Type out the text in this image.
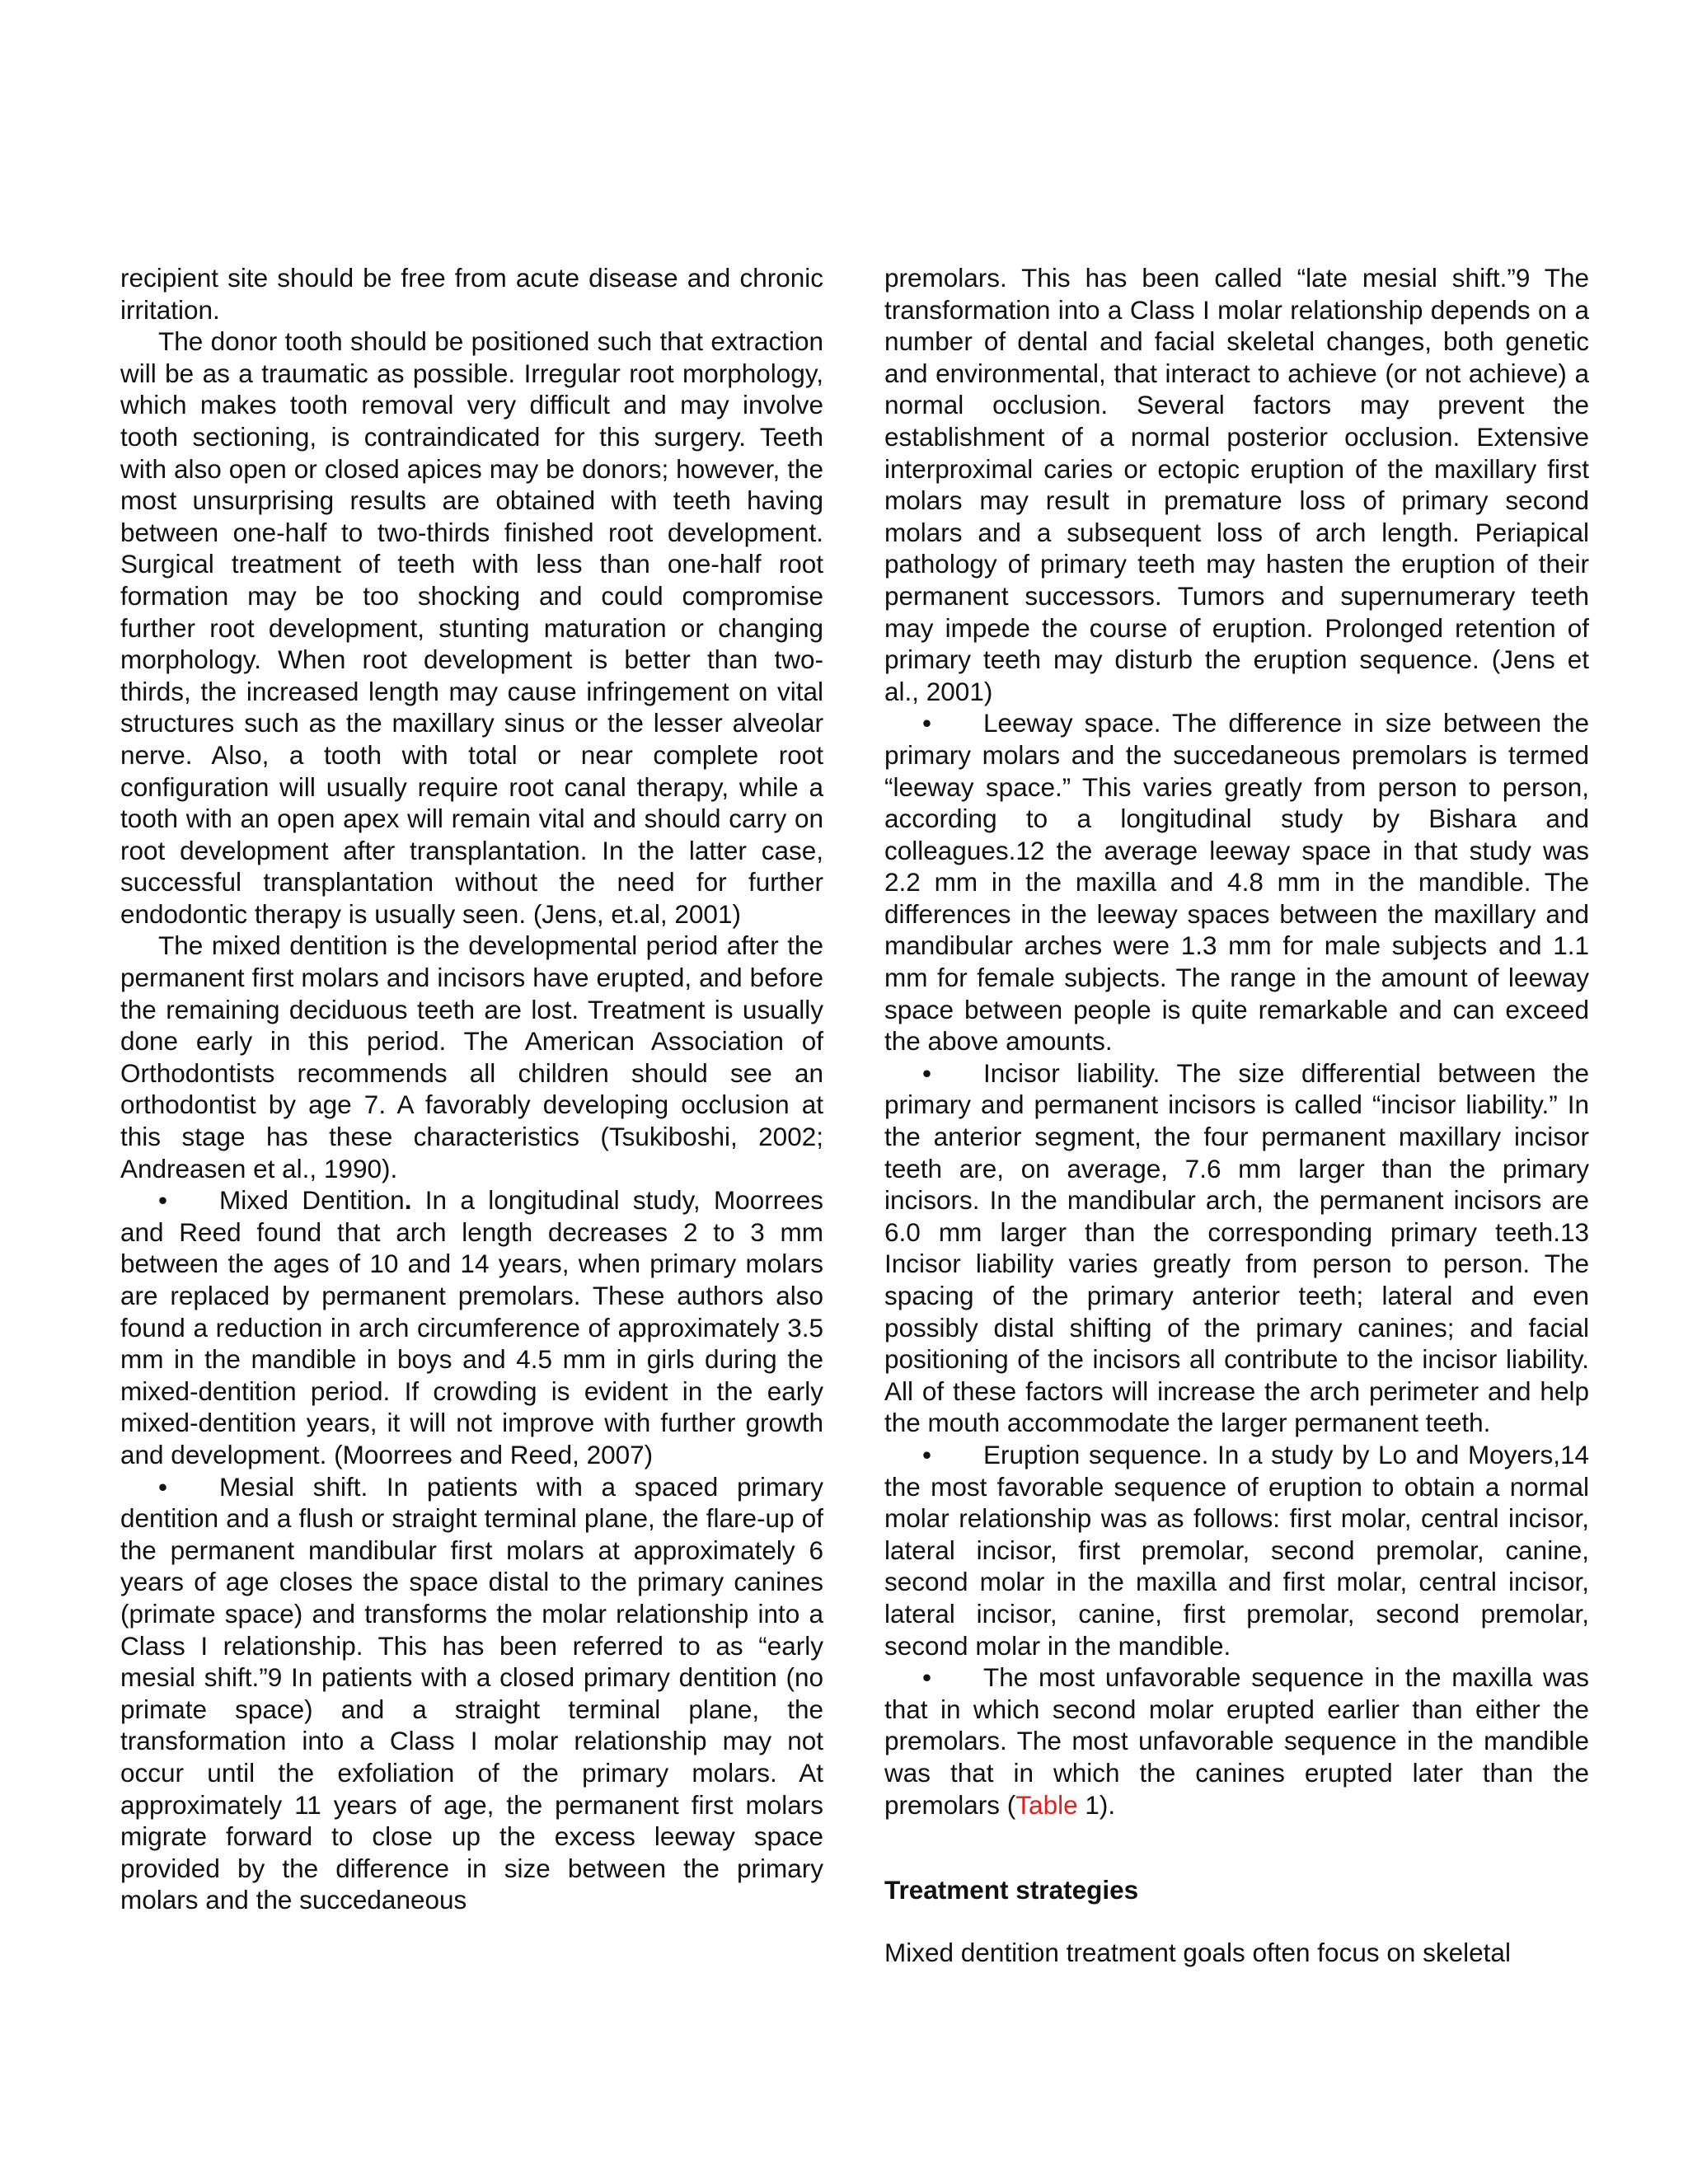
recipient site should be free from acute disease and chronic irritation.

The donor tooth should be positioned such that extraction will be as a traumatic as possible. Irregular root morphology, which makes tooth removal very difficult and may involve tooth sectioning, is contraindicated for this surgery. Teeth with also open or closed apices may be donors; however, the most unsurprising results are obtained with teeth having between one-half to two-thirds finished root development. Surgical treatment of teeth with less than one-half root formation may be too shocking and could compromise further root development, stunting maturation or changing morphology. When root development is better than two-thirds, the increased length may cause infringement on vital structures such as the maxillary sinus or the lesser alveolar nerve. Also, a tooth with total or near complete root configuration will usually require root canal therapy, while a tooth with an open apex will remain vital and should carry on root development after transplantation. In the latter case, successful transplantation without the need for further endodontic therapy is usually seen. (Jens, et.al, 2001)

The mixed dentition is the developmental period after the permanent first molars and incisors have erupted, and before the remaining deciduous teeth are lost. Treatment is usually done early in this period. The American Association of Orthodontists recommends all children should see an orthodontist by age 7. A favorably developing occlusion at this stage has these characteristics (Tsukiboshi, 2002; Andreasen et al., 1990).

• Mixed Dentition. In a longitudinal study, Moorrees and Reed found that arch length decreases 2 to 3 mm between the ages of 10 and 14 years, when primary molars are replaced by permanent premolars. These authors also found a reduction in arch circumference of approximately 3.5 mm in the mandible in boys and 4.5 mm in girls during the mixed-dentition period. If crowding is evident in the early mixed-dentition years, it will not improve with further growth and development. (Moorrees and Reed, 2007)

• Mesial shift. In patients with a spaced primary dentition and a flush or straight terminal plane, the flare-up of the permanent mandibular first molars at approximately 6 years of age closes the space distal to the primary canines (primate space) and transforms the molar relationship into a Class I relationship. This has been referred to as “early mesial shift.”9 In patients with a closed primary dentition (no primate space) and a straight terminal plane, the transformation into a Class I molar relationship may not occur until the exfoliation of the primary molars. At approximately 11 years of age, the permanent first molars migrate forward to close up the excess leeway space provided by the difference in size between the primary molars and the succedaneous

premolars. This has been called “late mesial shift.”9 The transformation into a Class I molar relationship depends on a number of dental and facial skeletal changes, both genetic and environmental, that interact to achieve (or not achieve) a normal occlusion. Several factors may prevent the establishment of a normal posterior occlusion. Extensive interproximal caries or ectopic eruption of the maxillary first molars may result in premature loss of primary second molars and a subsequent loss of arch length. Periapical pathology of primary teeth may hasten the eruption of their permanent successors. Tumors and supernumerary teeth may impede the course of eruption. Prolonged retention of primary teeth may disturb the eruption sequence. (Jens et al., 2001)

• Leeway space. The difference in size between the primary molars and the succedaneous premolars is termed “leeway space.” This varies greatly from person to person, according to a longitudinal study by Bishara and colleagues.12 the average leeway space in that study was 2.2 mm in the maxilla and 4.8 mm in the mandible. The differences in the leeway spaces between the maxillary and mandibular arches were 1.3 mm for male subjects and 1.1 mm for female subjects. The range in the amount of leeway space between people is quite remarkable and can exceed the above amounts.

• Incisor liability. The size differential between the primary and permanent incisors is called “incisor liability.” In the anterior segment, the four permanent maxillary incisor teeth are, on average, 7.6 mm larger than the primary incisors. In the mandibular arch, the permanent incisors are 6.0 mm larger than the corresponding primary teeth.13 Incisor liability varies greatly from person to person. The spacing of the primary anterior teeth; lateral and even possibly distal shifting of the primary canines; and facial positioning of the incisors all contribute to the incisor liability. All of these factors will increase the arch perimeter and help the mouth accommodate the larger permanent teeth.

• Eruption sequence. In a study by Lo and Moyers,14 the most favorable sequence of eruption to obtain a normal molar relationship was as follows: first molar, central incisor, lateral incisor, first premolar, second premolar, canine, second molar in the maxilla and first molar, central incisor, lateral incisor, canine, first premolar, second premolar, second molar in the mandible.

• The most unfavorable sequence in the maxilla was that in which second molar erupted earlier than either the premolars. The most unfavorable sequence in the mandible was that in which the canines erupted later than the premolars (Table 1).

Treatment strategies

Mixed dentition treatment goals often focus on skeletal
